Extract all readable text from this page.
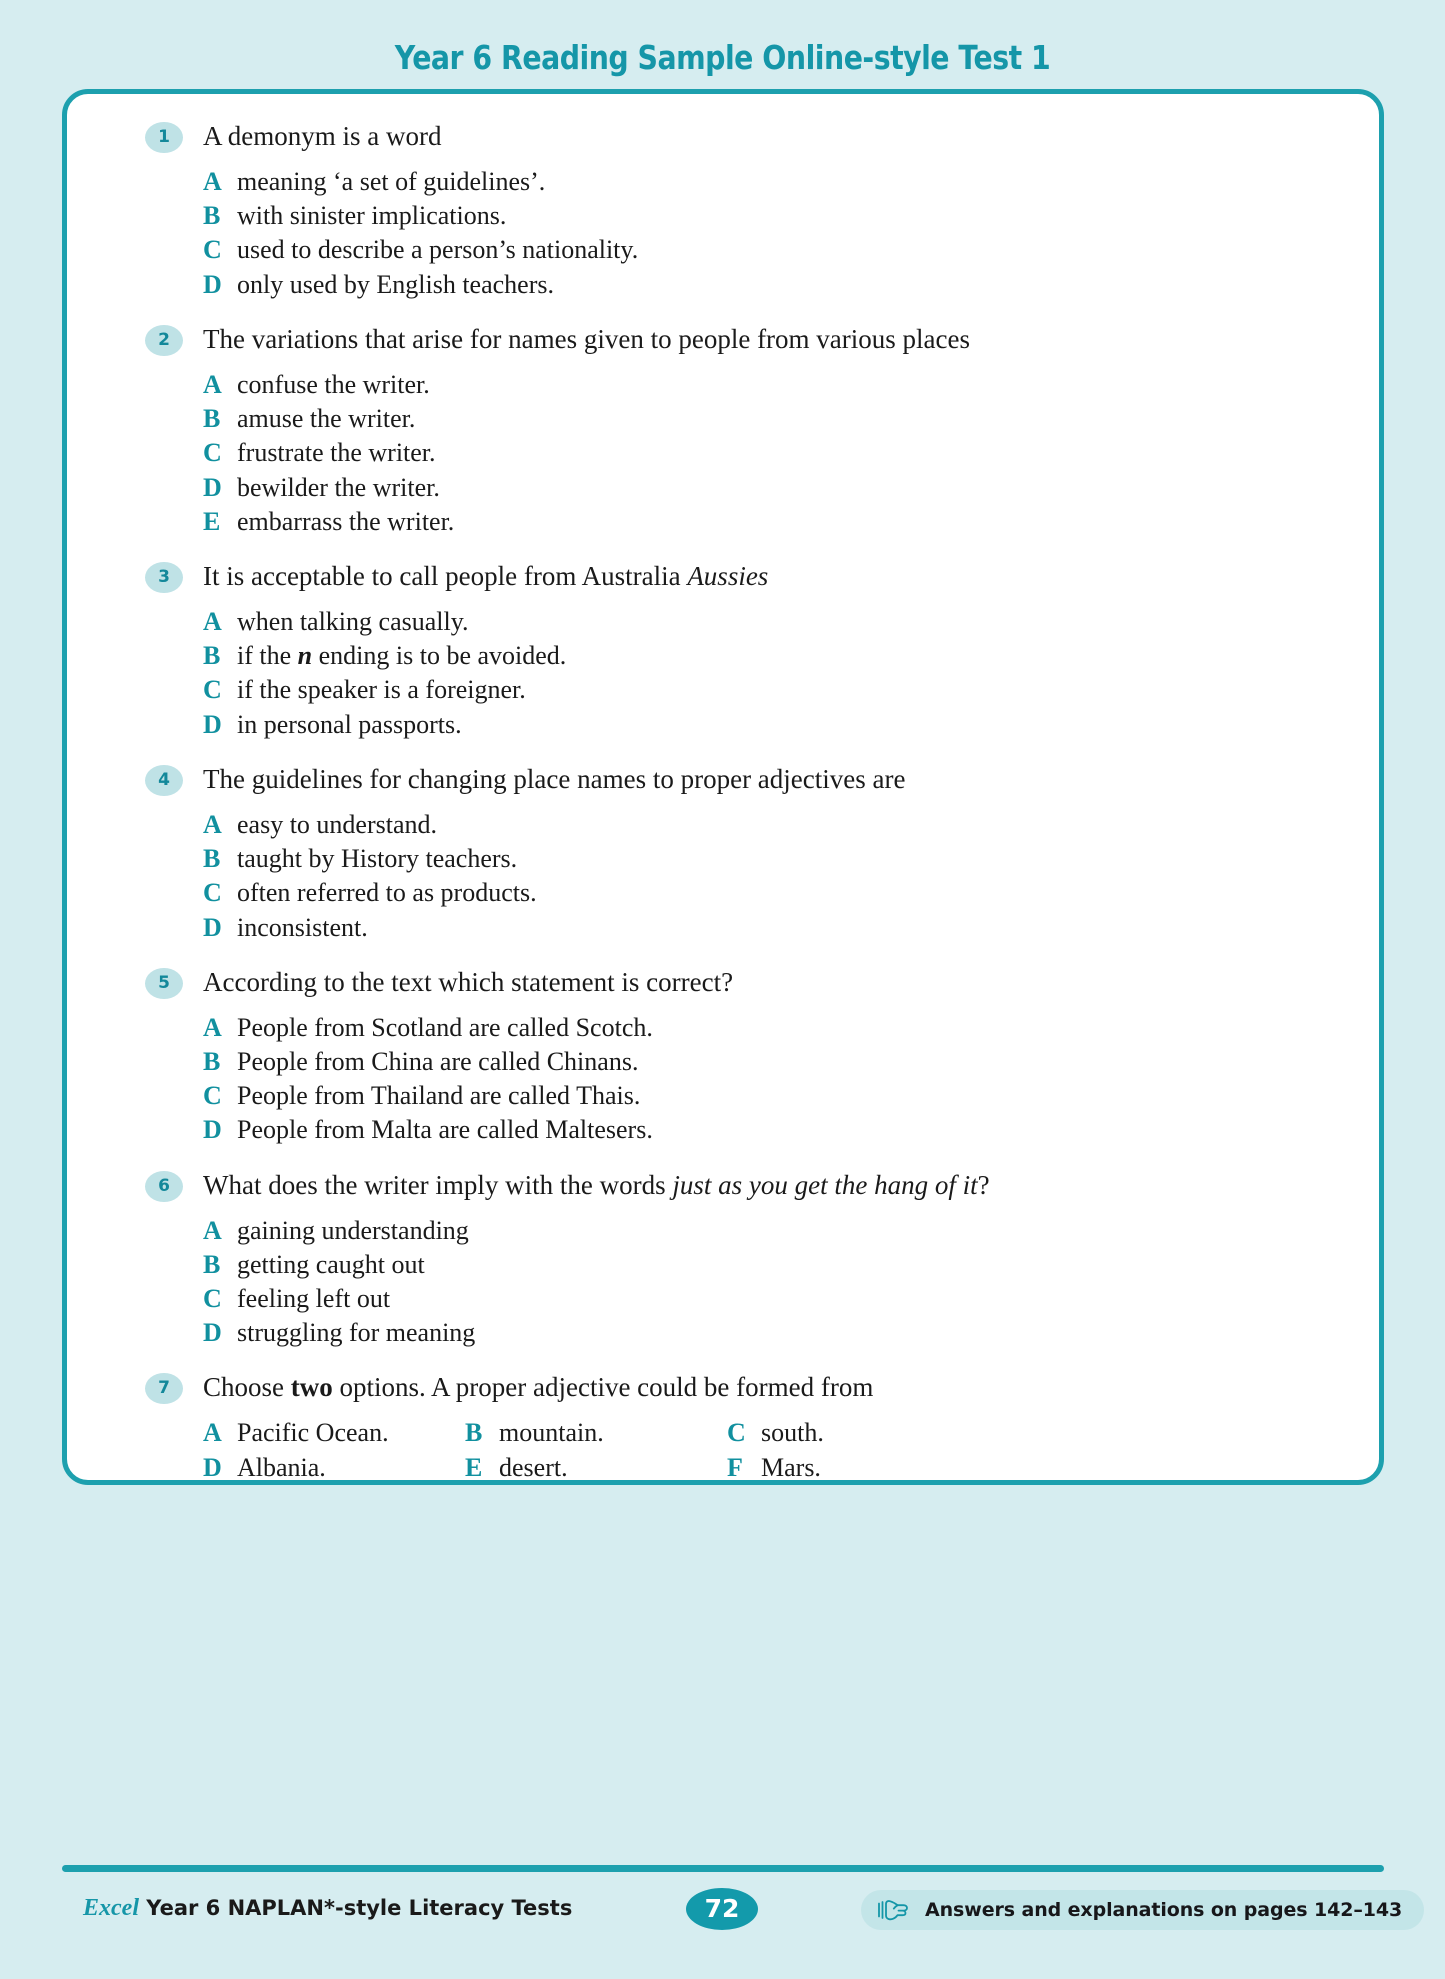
Year 6 Reading Sample Online-style Test 1
1	A demonym is a word
A meaning ‘a set of guidelines’.
B with sinister implications.
C used to describe a person’s nationality.
D only used by English teachers.
2	The variations that arise for names given to people from various places
A confuse the writer.
B amuse the writer.
C frustrate the writer.
D bewilder the writer.
E embarrass the writer.
3	It is acceptable to call people from Australia Aussies
A when talking casually.
B if the n ending is to be avoided.
C if the speaker is a foreigner.
D in personal passports.
4	The guidelines for changing place names to proper adjectives are
A easy to understand.
B taught by History teachers.
C often referred to as products.
D inconsistent.
5	According to the text which statement is correct?
A People from Scotland are called Scotch.
B People from China are called Chinans.
C People from Thailand are called Thais.
D People from Malta are called Maltesers.
6	What does the writer imply with the words just as you get the hang of it?
A gaining understanding
B getting caught out
C feeling left out
D struggling for meaning
7	Choose two options. A proper adjective could be formed from
A Pacific Ocean.	B mountain.	C south.
D Albania.	E desert.	F Mars.
Excel Year 6 NAPLAN*-style Literacy Tests	72	Answers and explanations on pages 142–143
